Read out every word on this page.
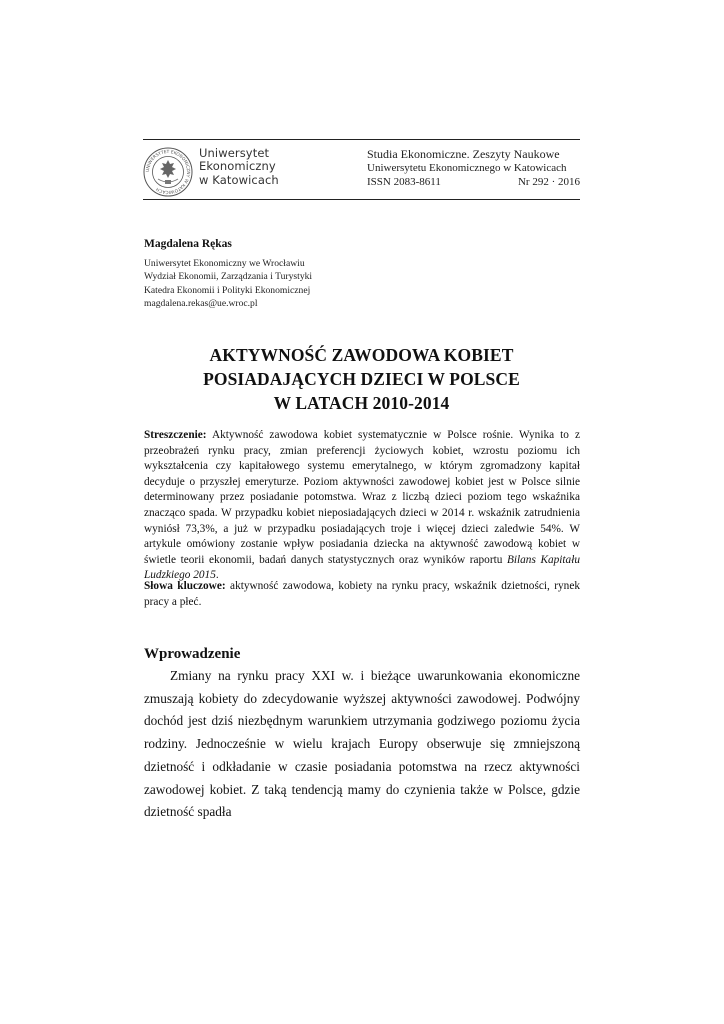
UNIWERSYTET EKONOMICZNY W KATOWICACH
Uniwersytet
Ekonomiczny
w Katowicach
Studia Ekonomiczne. Zeszyty Naukowe
Uniwersytetu Ekonomicznego w Katowicach
ISSN 2083-8611	Nr 292 · 2016
Magdalena Rękas
Uniwersytet Ekonomiczny we Wrocławiu
Wydział Ekonomii, Zarządzania i Turystyki
Katedra Ekonomii i Polityki Ekonomicznej
magdalena.rekas@ue.wroc.pl
AKTYWNOŚĆ ZAWODOWA KOBIET
POSIADAJĄCYCH DZIECI W POLSCE
W LATACH 2010-2014
Streszczenie: Aktywność zawodowa kobiet systematycznie w Polsce rośnie. Wynika to z przeobrażeń rynku pracy, zmian preferencji życiowych kobiet, wzrostu poziomu ich wykształcenia czy kapitałowego systemu emerytalnego, w którym zgromadzony kapitał decyduje o przyszłej emeryturze. Poziom aktywności zawodowej kobiet jest w Polsce silnie determinowany przez posiadanie potomstwa. Wraz z liczbą dzieci poziom tego wskaźnika znacząco spada. W przypadku kobiet nieposiadających dzieci w 2014 r. wskaźnik zatrudnienia wyniósł 73,3%, a już w przypadku posiadających troje i więcej dzieci zaledwie 54%. W artykule omówiony zostanie wpływ posiadania dziecka na aktywność zawodową kobiet w świetle teorii ekonomii, badań danych statystycznych oraz wyników raportu Bilans Kapitału Ludzkiego 2015.
Słowa kluczowe: aktywność zawodowa, kobiety na rynku pracy, wskaźnik dzietności, rynek pracy a płeć.
Wprowadzenie
Zmiany na rynku pracy XXI w. i bieżące uwarunkowania ekonomiczne zmuszają kobiety do zdecydowanie wyższej aktywności zawodowej. Podwójny dochód jest dziś niezbędnym warunkiem utrzymania godziwego poziomu życia rodziny. Jednocześnie w wielu krajach Europy obserwuje się zmniejszoną dzietność i odkładanie w czasie posiadania potomstwa na rzecz aktywności zawodowej kobiet. Z taką tendencją mamy do czynienia także w Polsce, gdzie dzietność spadła
